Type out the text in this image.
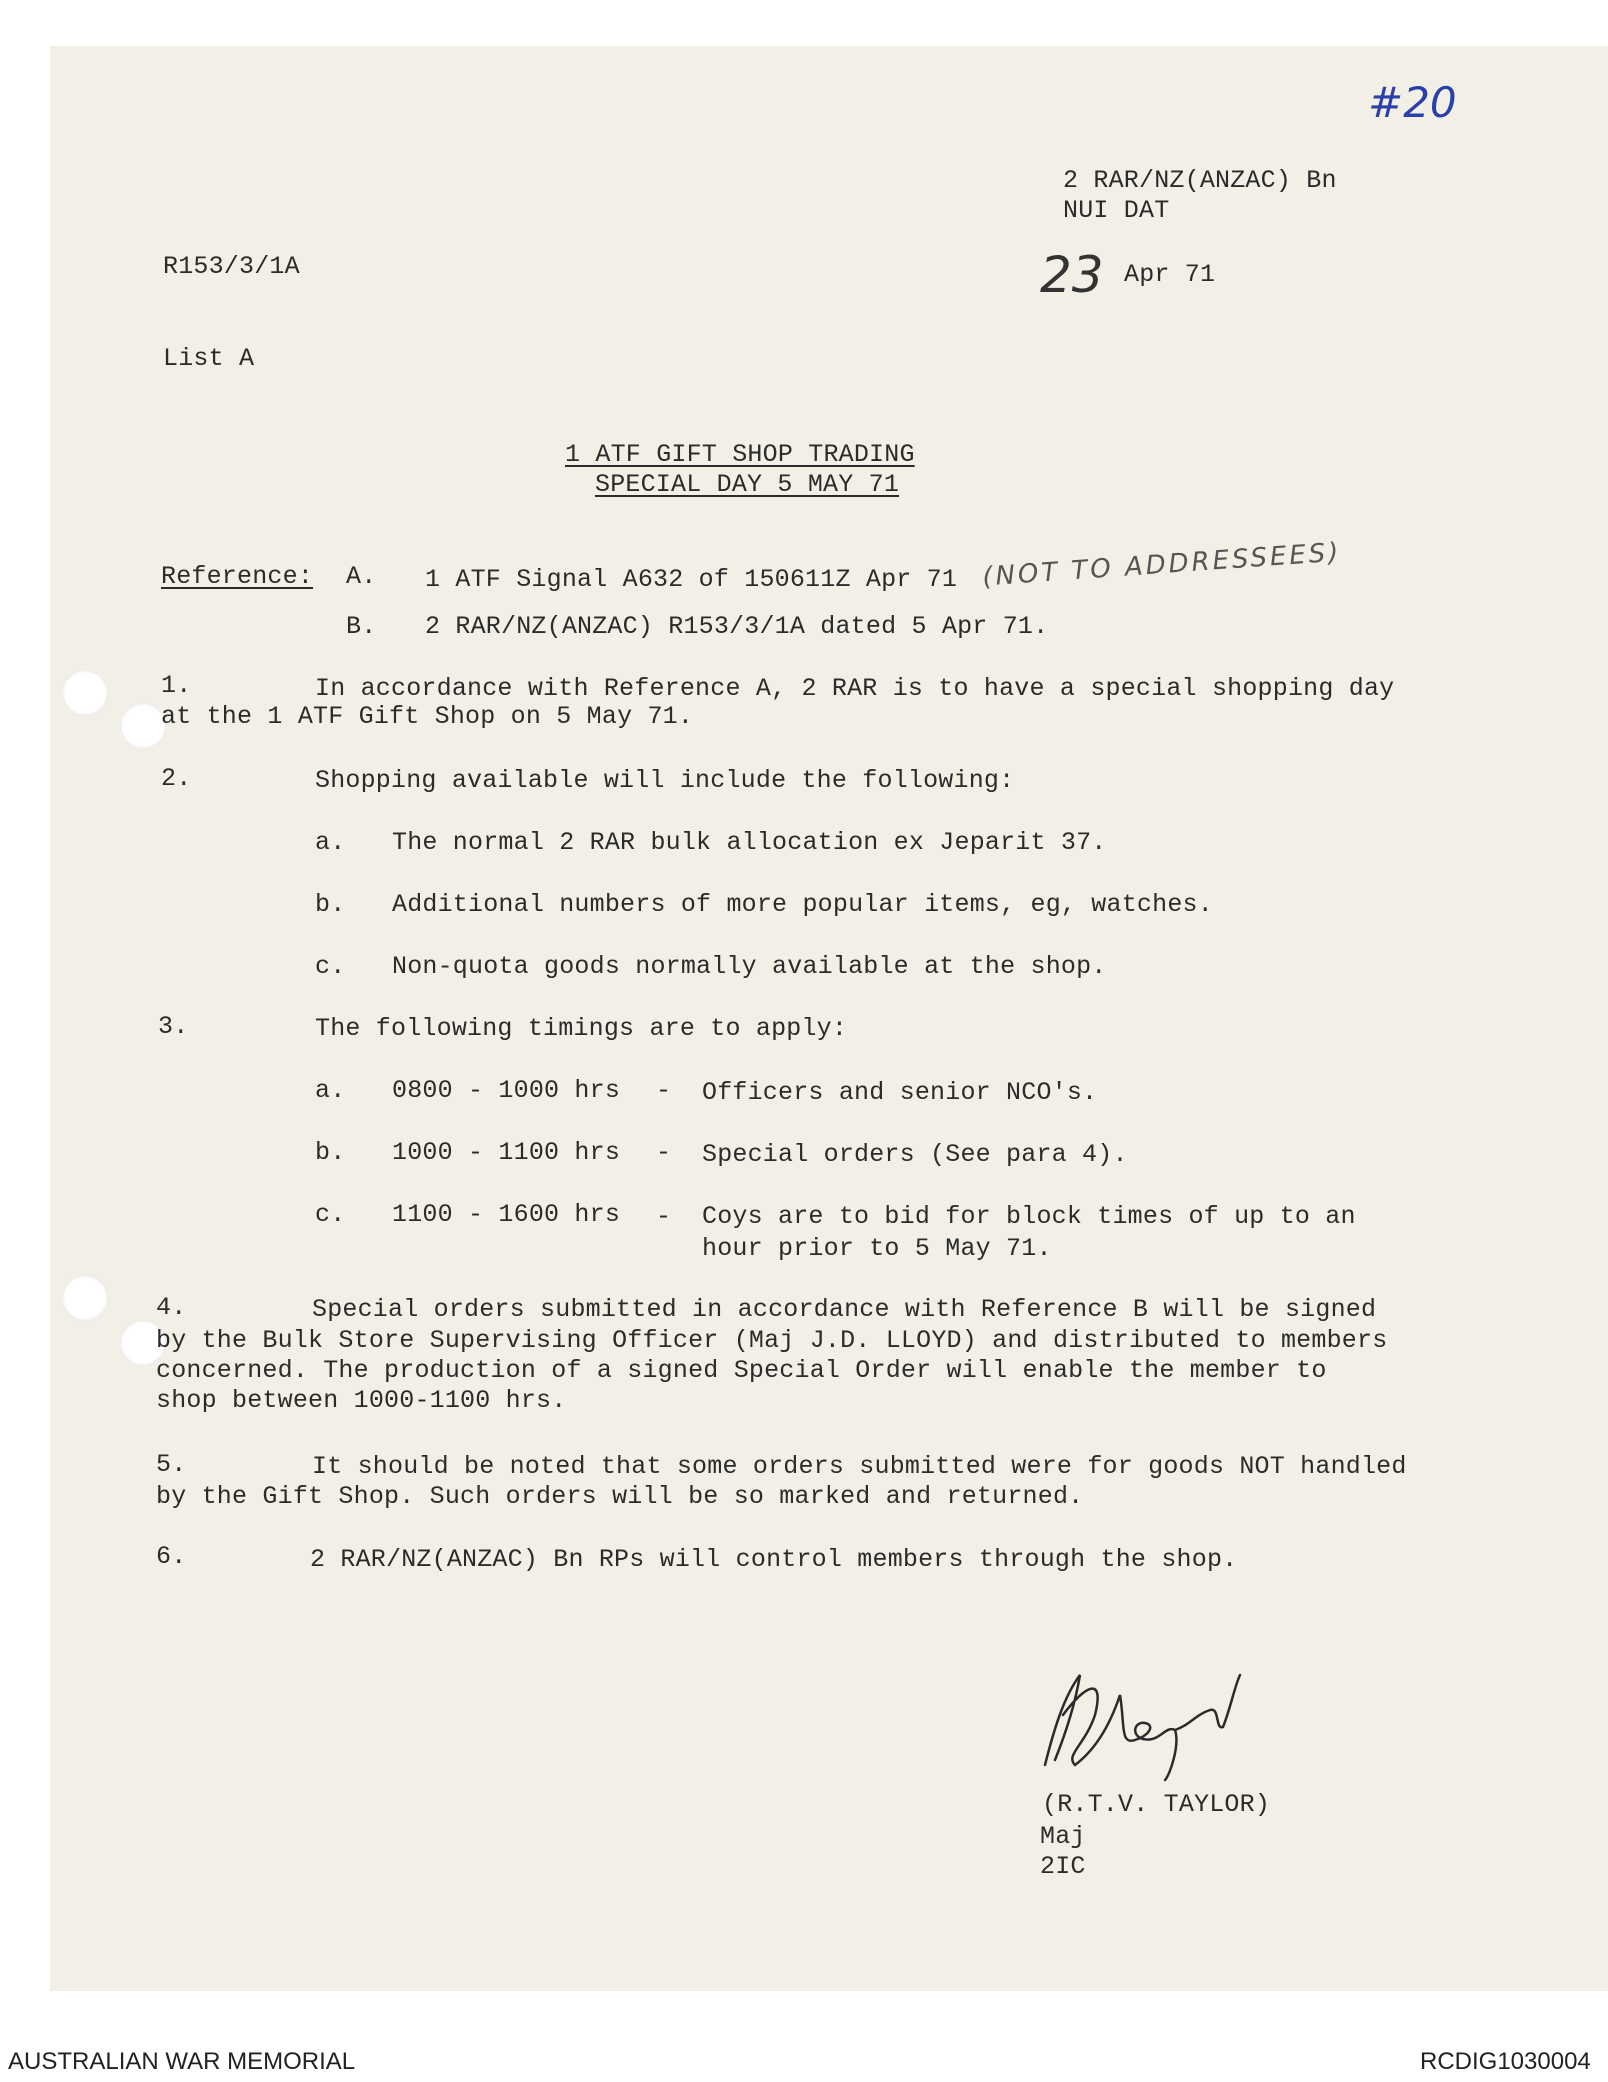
#20
2 RAR/NZ(ANZAC) Bn
NUI DAT
R153/3/1A	23 Apr 71
List A
1 ATF GIFT SHOP TRADING
SPECIAL DAY 5 MAY 71
Reference: A. 1 ATF Signal A632 of 150611Z Apr 71 (NOT TO ADDRESSEES)
B. 2 RAR/NZ(ANZAC) R153/3/1A dated 5 Apr 71.
1.	In accordance with Reference A, 2 RAR is to have a special shopping day
at the 1 ATF Gift Shop on 5 May 71.
2.	Shopping available will include the following:
a. The normal 2 RAR bulk allocation ex Jeparit 37.
b. Additional numbers of more popular items, eg, watches.
c. Non-quota goods normally available at the shop.
3.	The following timings are to apply:
a. 0800 - 1000 hrs - Officers and senior NCO's.
b. 1000 - 1100 hrs - Special orders (See para 4).
c. 1100 - 1600 hrs - Coys are to bid for block times of up to an
hour prior to 5 May 71.
4.	Special orders submitted in accordance with Reference B will be signed
by the Bulk Store Supervising Officer (Maj J.D. LLOYD) and distributed to members
concerned. The production of a signed Special Order will enable the member to
shop between 1000-1100 hrs.
5.	It should be noted that some orders submitted were for goods NOT handled
by the Gift Shop. Such orders will be so marked and returned.
6.	2 RAR/NZ(ANZAC) Bn RPs will control members through the shop.
(R.T.V. TAYLOR)
Maj
2IC
AUSTRALIAN WAR MEMORIAL	RCDIG1030004
